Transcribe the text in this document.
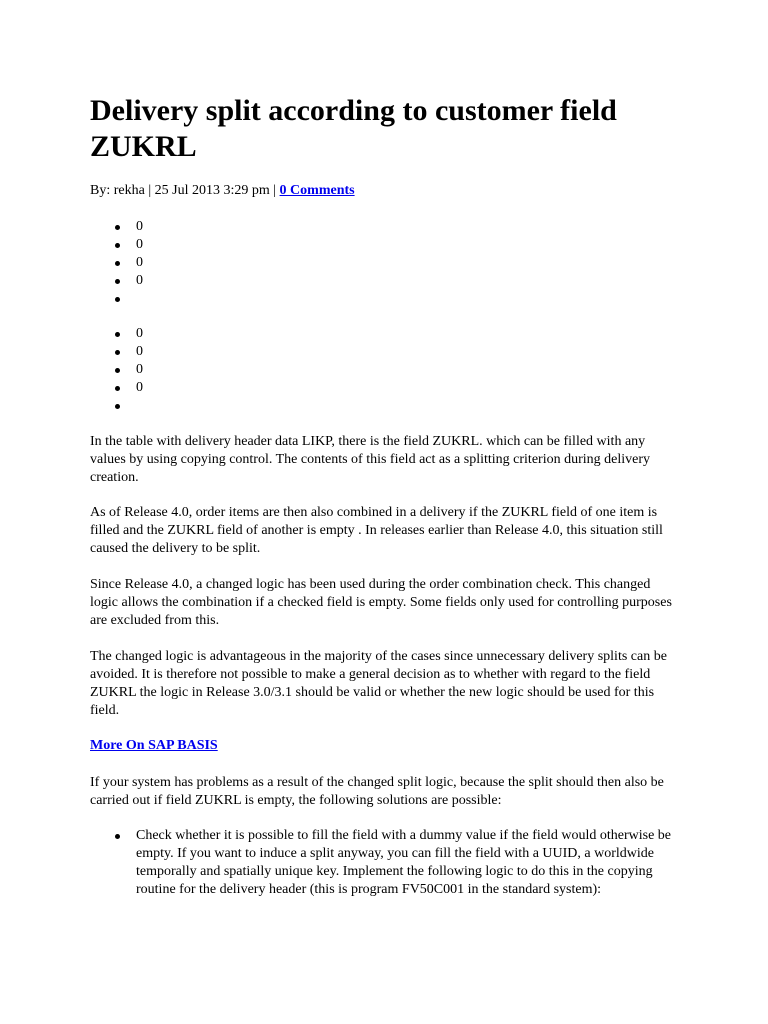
Delivery split according to customer field ZUKRL
By: rekha | 25 Jul 2013 3:29 pm | 0 Comments
0
0
0
0
0
0
0
0

In the table with delivery header data LIKP, there is the field ZUKRL. which can be filled with any values by using copying control. The contents of this field act as a splitting criterion during delivery creation.

As of Release 4.0, order items are then also combined in a delivery if the ZUKRL field of one item is filled and the ZUKRL field of another is empty . In releases earlier than Release 4.0, this situation still caused the delivery to be split.

Since Release 4.0, a changed logic has been used during the order combination check. This changed logic allows the combination if a checked field is empty. Some fields only used for controlling purposes are excluded from this.

The changed logic is advantageous in the majority of the cases since unnecessary delivery splits can be avoided. It is therefore not possible to make a general decision as to whether with regard to the field ZUKRL the logic in Release 3.0/3.1 should be valid or whether the new logic should be used for this field.

More On SAP BASIS

If your system has problems as a result of the changed split logic, because the split should then also be carried out if field ZUKRL is empty, the following solutions are possible:

Check whether it is possible to fill the field with a dummy value if the field would otherwise be empty. If you want to induce a split anyway, you can fill the field with a UUID, a worldwide temporally and spatially unique key. Implement the following logic to do this in the copying routine for the delivery header (this is program FV50C001 in the standard system):
